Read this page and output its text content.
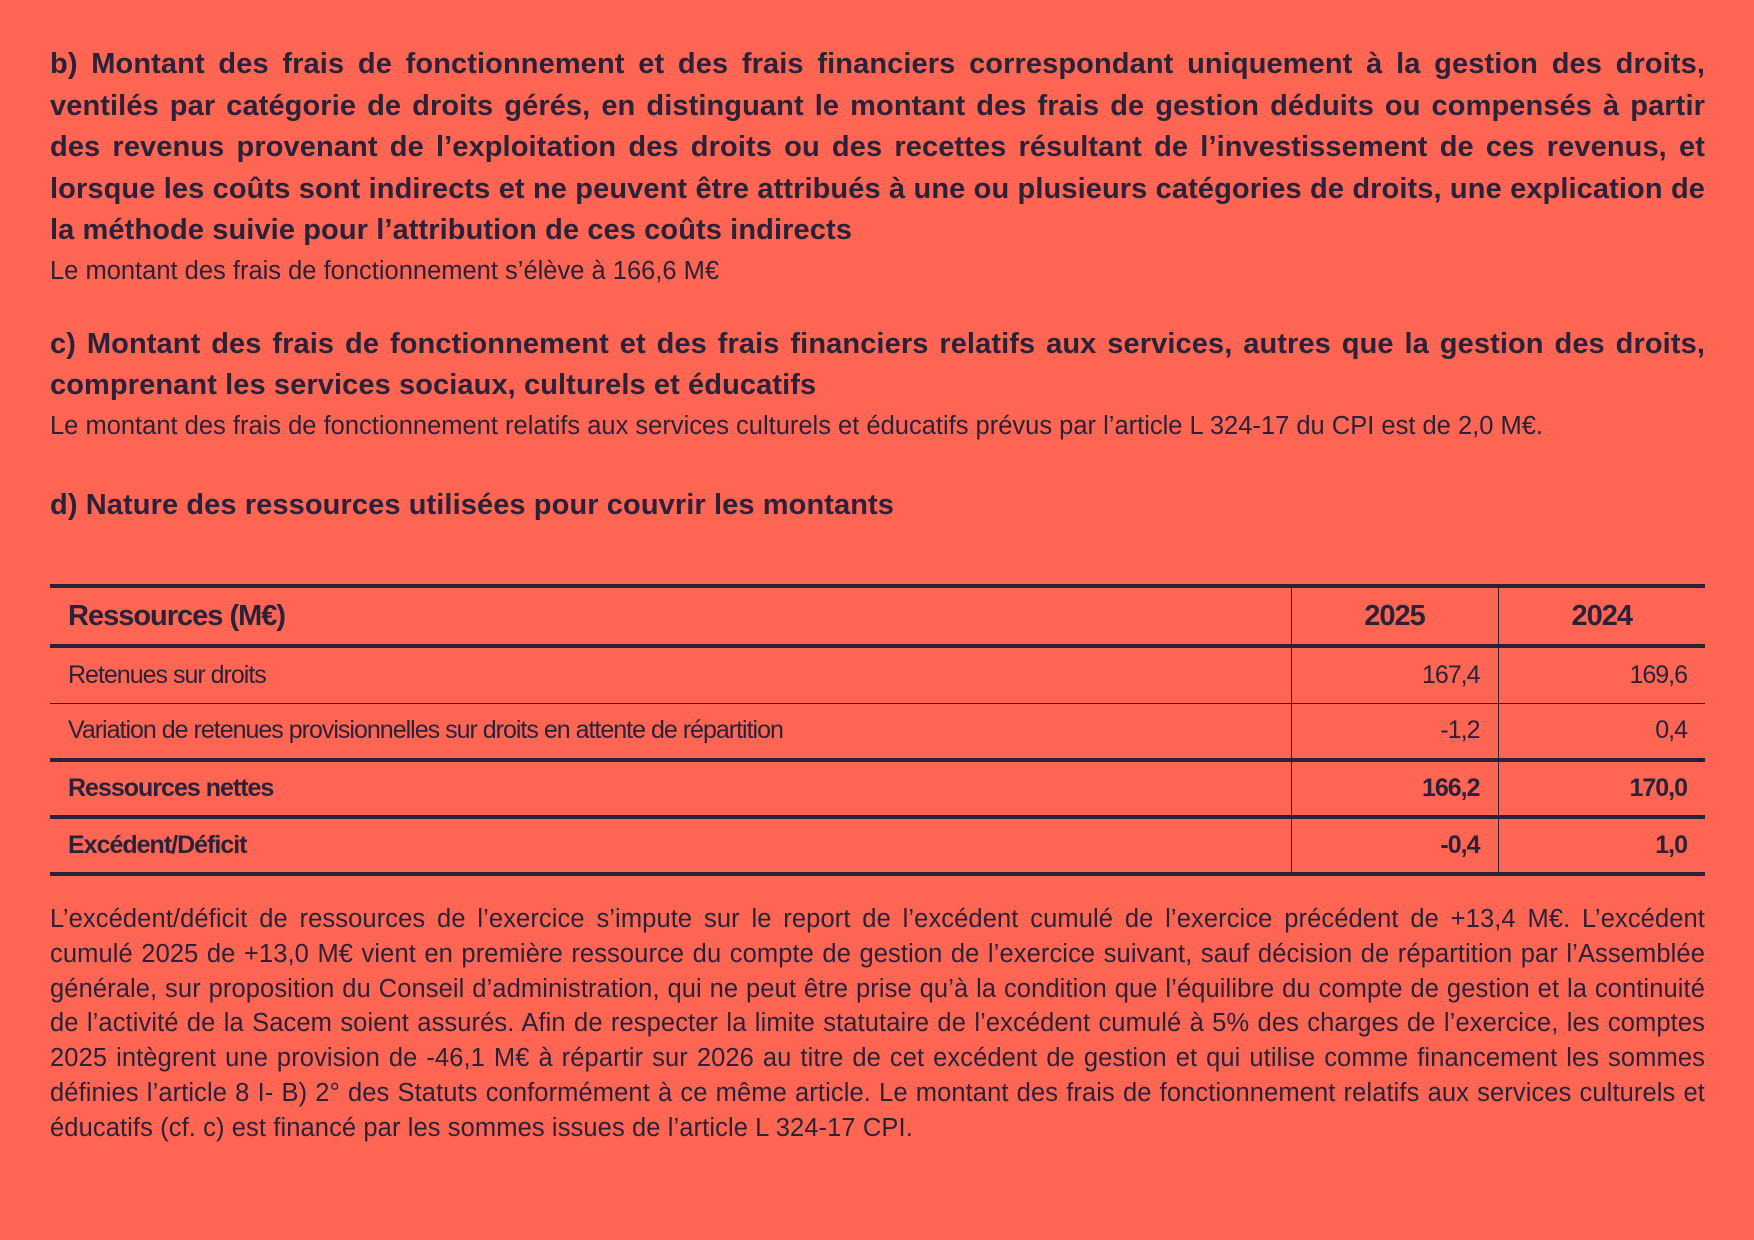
b) Montant des frais de fonctionnement et des frais financiers correspondant uniquement à la gestion des droits, ventilés par catégorie de droits gérés, en distinguant le montant des frais de gestion déduits ou compensés à partir des revenus provenant de l’exploitation des droits ou des recettes résultant de l’investissement de ces revenus, et lorsque les coûts sont indirects et ne peuvent être attribués à une ou plusieurs catégories de droits, une explication de la méthode suivie pour l’attribution de ces coûts indirects

Le montant des frais de fonctionnement s’élève à 166,6 M€

c) Montant des frais de fonctionnement et des frais financiers relatifs aux services, autres que la gestion des droits, comprenant les services sociaux, culturels et éducatifs

Le montant des frais de fonctionnement relatifs aux services culturels et éducatifs prévus par l’article L 324-17 du CPI est de 2,0 M€.

d) Nature des ressources utilisées pour couvrir les montants
Ressources (M€)	2025	2024
Retenues sur droits	167,4	169,6
Variation de retenues provisionnelles sur droits en attente de répartition	-1,2	0,4
Ressources nettes	166,2	170,0
Excédent/Déficit	-0,4	1,0

L’excédent/déficit de ressources de l’exercice s’impute sur le report de l’excédent cumulé de l’exercice précédent de +13,4 M€. L’excédent cumulé 2025 de +13,0 M€ vient en première ressource du compte de gestion de l’exercice suivant, sauf décision de répartition par l’Assemblée générale, sur proposition du Conseil d’administration, qui ne peut être prise qu’à la condition que l’équilibre du compte de gestion et la continuité de l’activité de la Sacem soient assurés. Afin de respecter la limite statutaire de l’excédent cumulé à 5% des charges de l’exercice, les comptes 2025 intègrent une provision de -46,1 M€ à répartir sur 2026 au titre de cet excédent de gestion et qui utilise comme financement les sommes définies l’article 8 I- B) 2° des Statuts conformément à ce même article. Le montant des frais de fonctionnement relatifs aux services culturels et éducatifs (cf. c) est financé par les sommes issues de l’article L 324-17 CPI.
